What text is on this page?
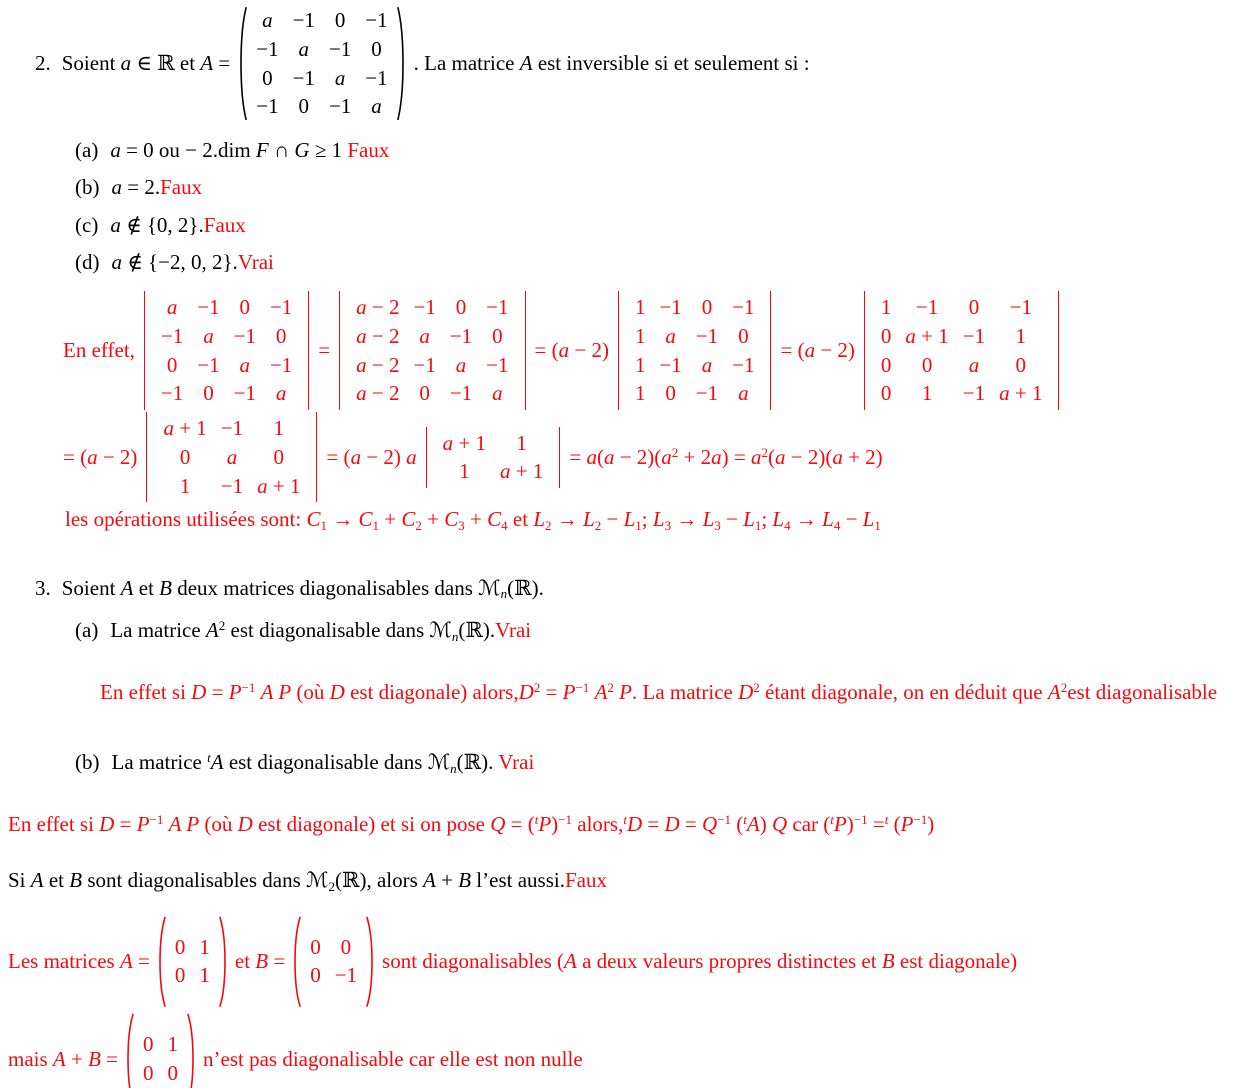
2. Soient a ∈ ℝ et A =
a −1 0 −1
−1 a −1 0
0 −1 a −1
−1 0 −1 a
. La matrice A est inversible si et seulement si :
(a) a = 0 ou − 2.dim F ∩ G ≥ 1 Faux
(b) a = 2.Faux
(c) a ∉ {0, 2}.Faux
(d) a ∉ {−2, 0, 2}.Vrai
En effet,
a −1 0 −1
−1 a −1 0
0 −1 a −1
−1 0 −1 a
=
a − 2 −1 0 −1
a − 2 a −1 0
a − 2 −1 a −1
a − 2 0 −1 a
= (a − 2)
1 −1 0 −1
1 a −1 0
1 −1 a −1
1 0 −1 a
= (a − 2)
1 −1 0 −1
0 a + 1 −1 1
0 0 a 0
0 1 −1 a + 1
= (a − 2)
a + 1 −1 1
0 a 0
1 −1 a + 1
= (a − 2) a
a + 1 1
1 a + 1
= $a(a - 2)(a^2 + 2a) = a^2(a - 2)(a + 2)$
les opérations utilisées sont: C1 → C1 + C2 + C3 + C4 et L2 → L2 − L1; L3 → L3 − L1; L4 → L4 − L1
3. Soient A et B deux matrices diagonalisables dans ℳn(ℝ).
(a) La matrice $A^2$ est diagonalisable dans ℳn(ℝ).Vrai
En effet si $D = P^{-1}$ A P (où D est diagonale) $alors,D^2 = P^{-1}$ $A^2$ P. La matrice $D^2$ étant diagonale, on en déduit que $A^2est$ diagonalisable
(b) La matrice $^t$A est diagonalisable dans ℳn(ℝ). Vrai
En effet si $D = P^{-1}$ A P (où D est diagonale) et si on pose $Q = (^tP)^{-1}$ alors,$^t$D = $D = Q^{-1}$ ($^t$A) Q car $(^tP)^{-1} =^t$ $(P^{-1})$
Si A et B sont diagonalisables dans ℳ2(ℝ), alors A + B l’est aussi.Faux
Les matrices A =
0 1
0 1
et B =
0 0
0 −1
sont diagonalisables (A a deux valeurs propres distinctes et B est diagonale)
mais A + B =
0 1
0 0
n’est pas diagonalisable car elle est non nulle
